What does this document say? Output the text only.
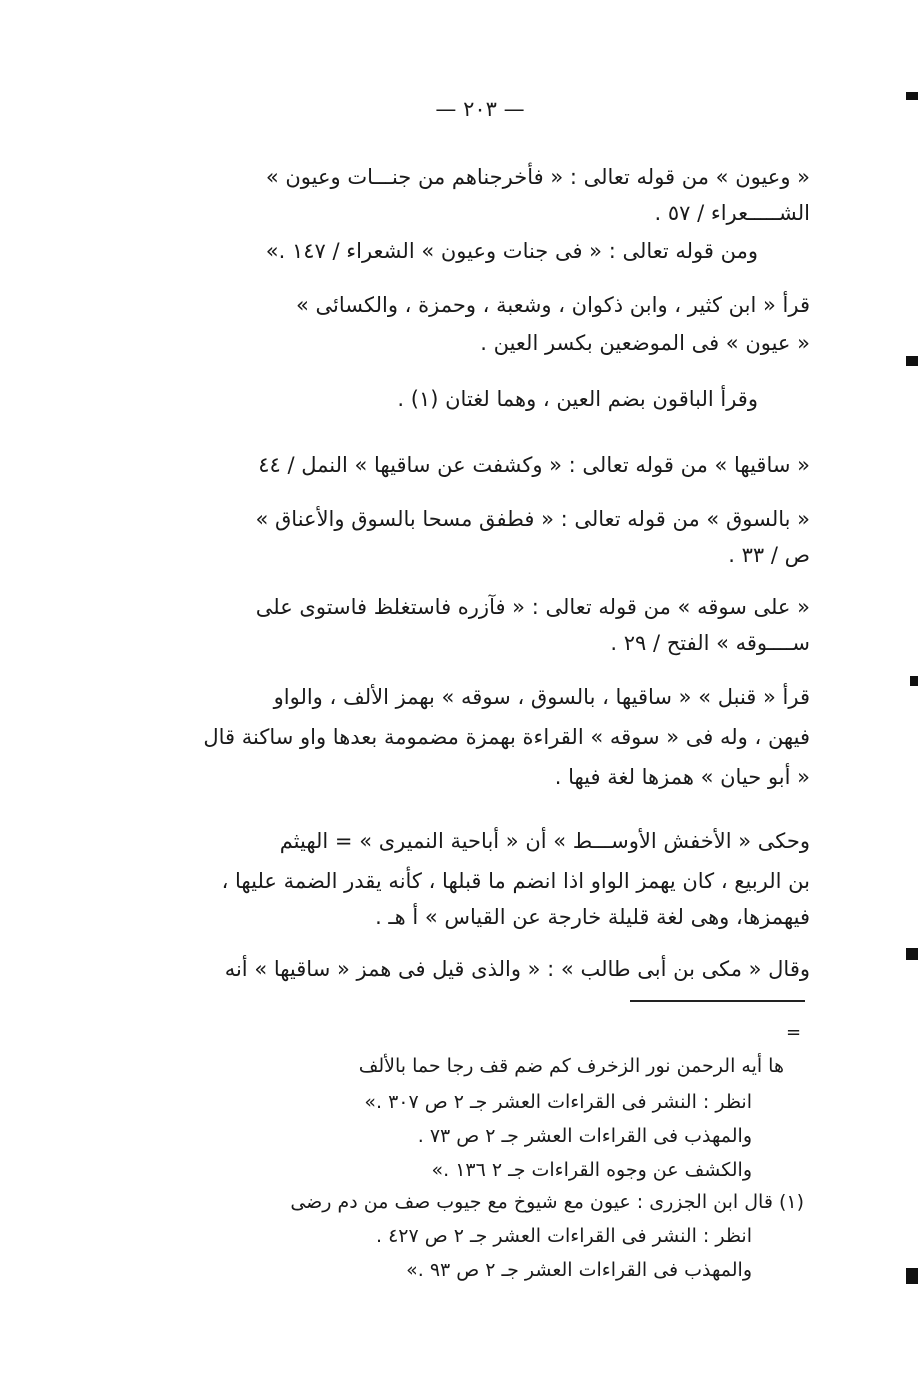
— ٢٠٣ —
« وعيون » من قوله تعالى : « فأخرجناهم من جنـــات وعيون »
الشـــــعراء / ٥٧ .
ومن قوله تعالى : « فى جنات وعيون » الشعراء / ١٤٧ .»
قرأ « ابن كثير ، وابن ذكوان ، وشعبة ، وحمزة ، والكسائى »
« عيون » فى الموضعين بكسر العين .
وقرأ الباقون بضم العين ، وهما لغتان (١) .
« ساقيها » من قوله تعالى : « وكشفت عن ساقيها » النمل / ٤٤
« بالسوق » من قوله تعالى : « فطفق مسحا بالسوق والأعناق »
ص / ٣٣ .
« على سوقه » من قوله تعالى : « فآزره فاستغلظ فاستوى على
ســــوقه » الفتح / ٢٩ .
قرأ « قنبل » « ساقيها ، بالسوق ، سوقه » بهمز الألف ، والواو
فيهن ، وله فى « سوقه » القراءة بهمزة مضمومة بعدها واو ساكنة قال
« أبو حيان » همزها لغة فيها .
وحكى « الأخفش الأوســـط » أن « أباحية النميرى » = الهيثم
بن الربيع ، كان يهمز الواو اذا انضم ما قبلها ، كأنه يقدر الضمة عليها ،
فيهمزها، وهى لغة قليلة خارجة عن القياس » أ هـ .
وقال « مكى بن أبى طالب » : « والذى قيل فى همز « ساقيها » أنه
=
ها أيه الرحمن نور الزخرف كم ضم قف رجا حما بالألف
انظر : النشر فى القراءات العشر جـ ٢ ص ٣٠٧ .»
والمهذب فى القراءات العشر جـ ٢ ص ٧٣ .
والكشف عن وجوه القراءات جـ ٢ ١٣٦ .»
(١) قال ابن الجزرى : عيون مع شيوخ مع جيوب صف من دم رضى
انظر : النشر فى القراءات العشر جـ ٢ ص ٤٢٧ .
والمهذب فى القراءات العشر جـ ٢ ص ٩٣ .»
